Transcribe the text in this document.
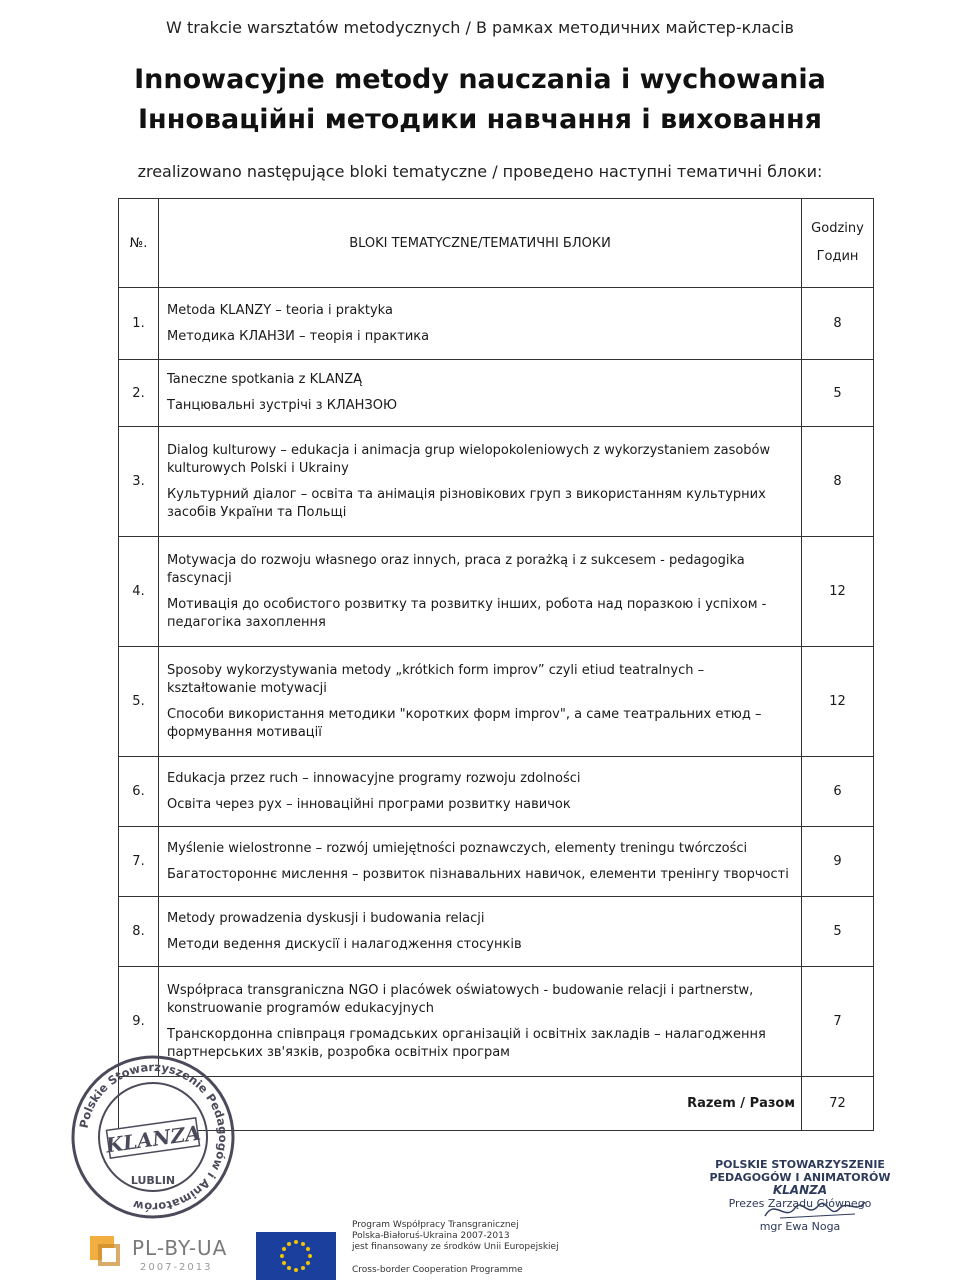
W trakcie warsztatów metodycznych / В рамках методичних майстер-класів
Innowacyjne metody nauczania i wychowania
Інноваційні методики навчання і виховання
zrealizowano następujące bloki tematyczne / проведено наступні тематичні блоки:
№.	BLOKI TEMATYCZNE/ТЕМАТИЧНІ БЛОКИ	Godziny
Годин

1.	Metoda KLANZY – teoria i praktyka

Методика КЛАНЗИ – теорія і практика	8
2.	Taneczne spotkania z KLANZĄ

Танцювальні зустрічі з КЛАНЗОЮ	5
3.	Dialog kulturowy – edukacja i animacja grup wielopokoleniowych z wykorzystaniem zasobów kulturowych Polski i Ukrainy

Культурний діалог – освіта та анімація різновікових груп з використанням культурних засобів України та Польщі	8
4.	Motywacja do rozwoju własnego oraz innych, praca z porażką i z sukcesem - pedagogika fascynacji

Мотивація до особистого розвитку та розвитку інших, робота над поразкою і успіхом - педагогіка захоплення	12
5.	Sposoby wykorzystywania metody „krótkich form improv” czyli etiud teatralnych – kształtowanie motywacji

Способи використання методики "коротких форм improv", а саме театральних етюд – формування мотивації	12
6.	Edukacja przez ruch – innowacyjne programy rozwoju zdolności

Освіта через рух – інноваційні програми розвитку навичок	6
7.	Myślenie wielostronne – rozwój umiejętności poznawczych, elementy treningu twórczości

Багатостороннє мислення – розвиток пізнавальних навичок, елементи тренінгу творчості	9
8.	Metody prowadzenia dyskusji i budowania relacji

Методи ведення дискусії і налагодження стосунків	5
9.	Współpraca transgraniczna NGO i placówek oświatowych - budowanie relacji i partnerstw, konstruowanie programów edukacyjnych

Транскордонна співпраця громадських організацій і освітніх закладів – налагодження партнерських зв'язків, розробка освітніх програм	7
Razem / Разом		72
Polskie Stowarzyszenie Pedagogów i Animatorów
KLANZA
LUBLIN
POLSKIE STOWARZYSZENIE
PEDAGOGÓW I ANIMATORÓW
KLANZA
Prezes Zarządu Głównego
mgr Ewa Noga
PL-BY-UA
2007-2013
Program Współpracy Transgranicznej
Polska-Białoruś-Ukraina 2007-2013
jest finansowany ze środków Unii Europejskiej
Cross-border Cooperation Programme
